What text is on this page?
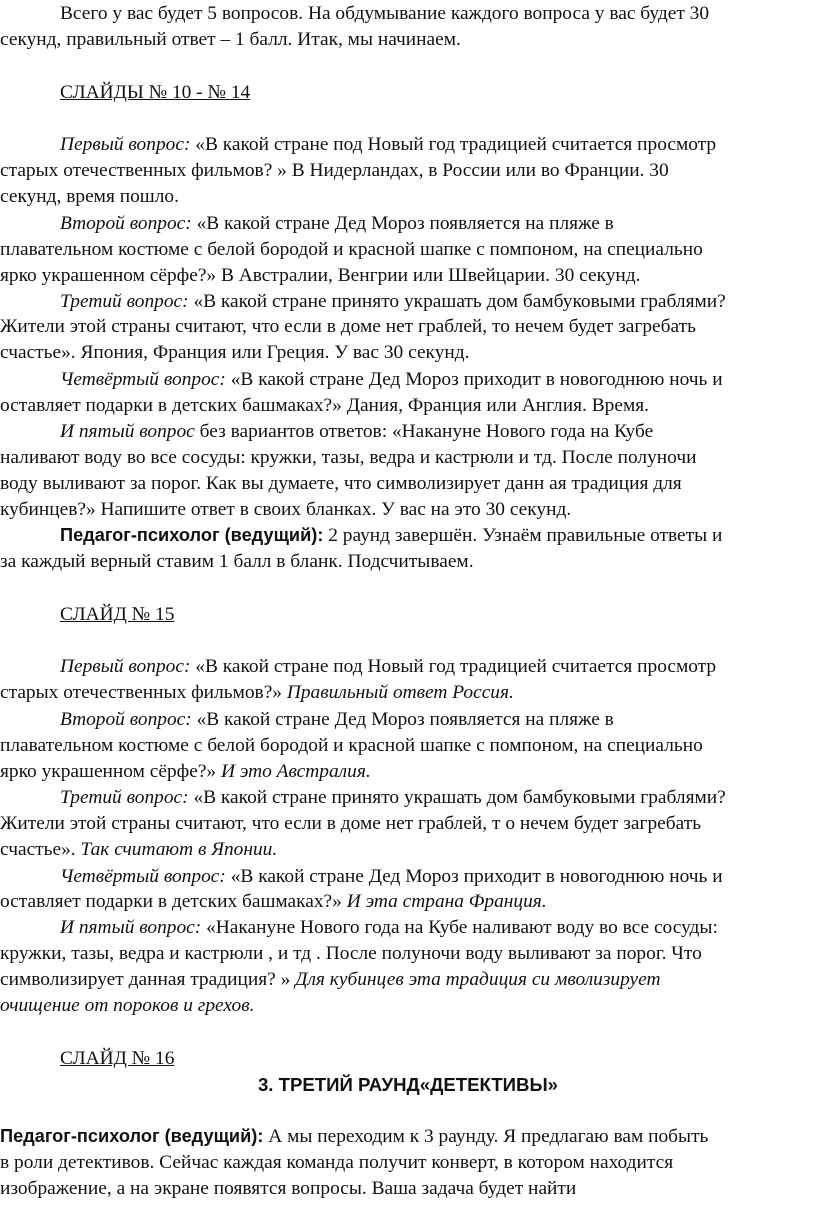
Всего у вас будет 5 вопросов. На обдумывание каждого вопроса у вас будет 30
секунд, правильный ответ – 1 балл. Итак, мы начинаем.
СЛАЙДЫ № 10 - № 14
Первый вопрос: «В какой стране под Новый год традицией считается просмотр
старых отечественных фильмов? » В Нидерландах, в России или во Франции. 30
секунд, время пошло.
Второй вопрос: «В какой стране Дед Мороз появляется на пляже в
плавательном костюме с белой бородой и красной шапке с помпоном, на специально
ярко украшенном сёрфе?» В Австралии, Венгрии или Швейцарии. 30 секунд.
Третий вопрос: «В какой стране принято украшать дом бамбуковыми граблями?
Жители этой страны считают, что если в доме нет граблей, то нечем будет загребать
счастье». Япония, Франция или Греция. У вас 30 секунд.
Четвёртый вопрос: «В какой стране Дед Мороз приходит в новогоднюю ночь и
оставляет подарки в детских башмаках?» Дания, Франция или Англия. Время.
И пятый вопрос без вариантов ответов: «Накануне Нового года на Кубе
наливают воду во все сосуды: кружки, тазы, ведра и кастрюли и тд. После полуночи
воду выливают за порог. Как вы думаете, что символизирует данн ая традиция для
кубинцев?» Напишите ответ в своих бланках. У вас на это 30 секунд.
Педагог-психолог (ведущий): 2 раунд завершён. Узнаём правильные ответы и
за каждый верный ставим 1 балл в бланк. Подсчитываем.
СЛАЙД № 15
Первый вопрос: «В какой стране под Новый год традицией считается просмотр
старых отечественных фильмов?» Правильный ответ Россия.
Второй вопрос: «В какой стране Дед Мороз появляется на пляже в
плавательном костюме с белой бородой и красной шапке с помпоном, на специально
ярко украшенном сёрфе?» И это Австралия.
Третий вопрос: «В какой стране принято украшать дом бамбуковыми граблями?
Жители этой страны считают, что если в доме нет граблей, т о нечем будет загребать
счастье». Так считают в Японии.
Четвёртый вопрос: «В какой стране Дед Мороз приходит в новогоднюю ночь и
оставляет подарки в детских башмаках?» И эта страна Франция.
И пятый вопрос: «Накануне Нового года на Кубе наливают воду во все сосуды:
кружки, тазы, ведра и кастрюли , и тд . После полуночи воду выливают за порог. Что
символизирует данная традиция? » Для кубинцев эта традиция си мволизирует
очищение от пороков и грехов.
СЛАЙД № 16
3. ТРЕТИЙ РАУНД«ДЕТЕКТИВЫ»
Педагог-психолог (ведущий): А мы переходим к 3 раунду. Я предлагаю вам побыть
в роли детективов. Сейчас каждая команда получит конверт, в котором находится
изображение, а на экране появятся вопросы. Ваша задача будет найти
